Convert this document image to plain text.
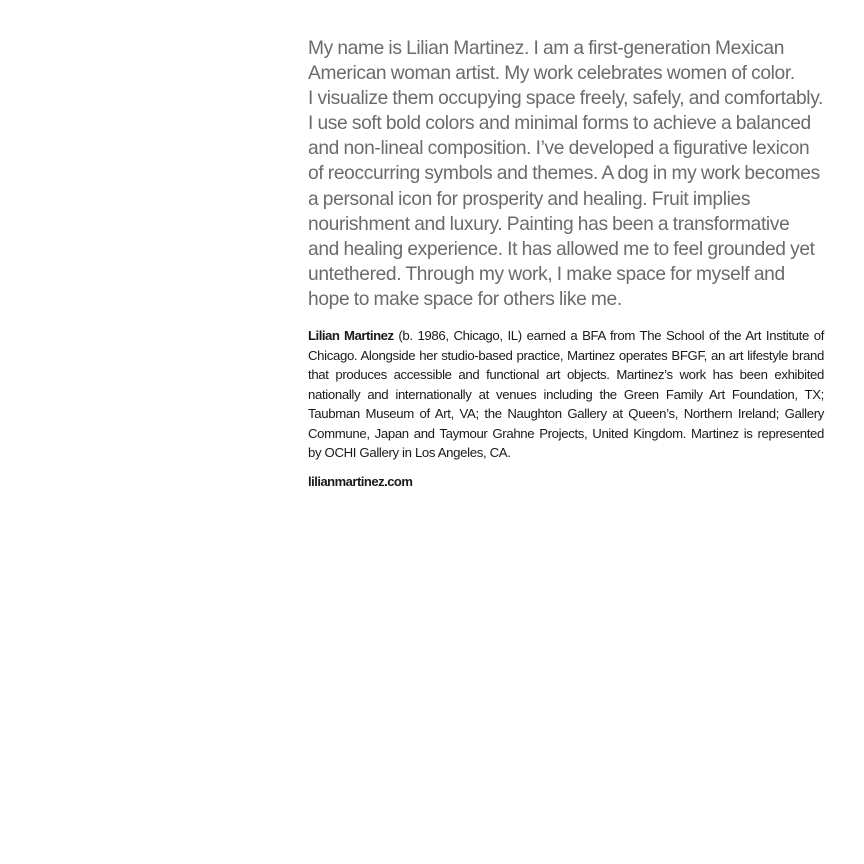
My name is Lilian Martinez. I am a first-generation Mexican
American woman artist. My work celebrates women of color.
I visualize them occupying space freely, safely, and comfortably.
I use soft bold colors and minimal forms to achieve a balanced
and non-lineal composition. I’ve developed a figurative lexicon
of reoccurring symbols and themes. A dog in my work becomes
a personal icon for prosperity and healing. Fruit implies
nourishment and luxury. Painting has been a transformative
and healing experience. It has allowed me to feel grounded yet
untethered. Through my work, I make space for myself and
hope to make space for others like me.

Lilian Martinez (b. 1986, Chicago, IL) earned a BFA from The School of the Art Institute of Chicago. Alongside her studio-based practice, Martinez operates BFGF, an art lifestyle brand that produces accessible and functional art objects. Martinez’s work has been exhibited nationally and internationally at venues including the Green Family Art Foundation, TX; Taubman Museum of Art, VA; the Naughton Gallery at Queen’s, Northern Ireland; Gallery Commune, Japan and Taymour Grahne Projects, United Kingdom. Martinez is represented by OCHI Gallery in Los Angeles, CA.

lilianmartinez.com
